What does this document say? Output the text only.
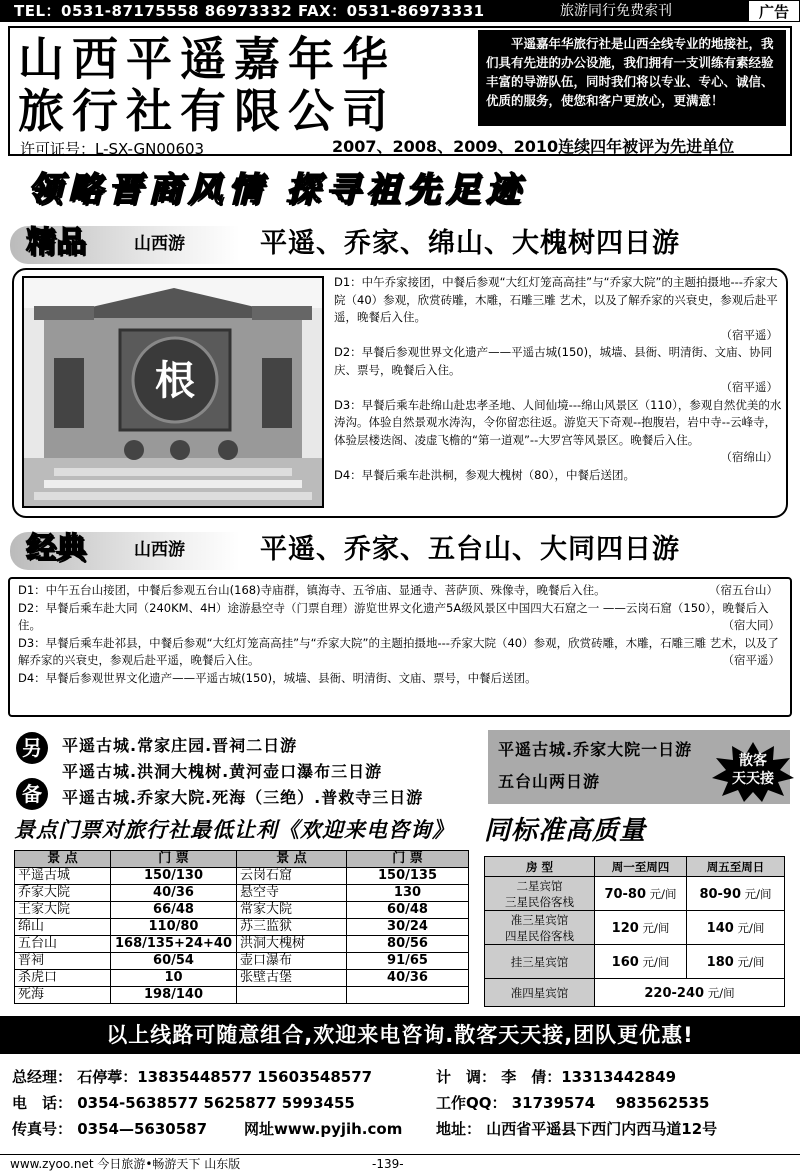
TEL：0531-87175558 86973332 FAX：0531-86973331	旅游同行免费索刊	广告
山西平遥嘉年华
旅行社有限公司
平遥嘉年华旅行社是山西全线专业的地接社，我们具有先进的办公设施，我们拥有一支训练有素经验丰富的导游队伍，同时我们将以专业、专心、诚信、优质的服务，使您和客户更放心，更满意！
许可证号：L-SX-GN00603	2007、2008、2009、2010连续四年被评为先进单位
领略晋商风情 探寻祖先足迹
精品	山西游	平遥、乔家、绵山、大槐树四日游
根
D1：中午乔家接团，中餐后参观“大红灯笼高高挂”与“乔家大院”的主题拍摄地---乔家大院（40）参观，欣赏砖雕，木雕，石雕三雕 艺术，以及了解乔家的兴衰史，参观后赴平遥，晚餐后入住。
（宿平遥）
D2：早餐后参观世界文化遗产——平遥古城(150)，城墙、县衙、明清街、文庙、协同庆、票号，晚餐后入住。
（宿平遥）
D3：早餐后乘车赴绵山赴忠孝圣地、人间仙境---绵山风景区（110），参观自然优美的水涛沟。体验自然景观水涛沟，令你留恋往返。游览天下奇观--抱腹岩，岩中寺--云峰寺，体验层楼迭阁、凌虚飞檐的“第一道观”--大罗宫等风景区。晚餐后入住。
（宿绵山）
D4：早餐后乘车赴洪桐，参观大槐树（80），中餐后送团。
经典	山西游	平遥、乔家、五台山、大同四日游
D1：中午五台山接团，中餐后参观五台山(168)寺庙群，镇海寺、五爷庙、显通寺、菩萨顶、殊像寺，晚餐后入住。	（宿五台山）
D2：早餐后乘车赴大同（240KM、4H）途游悬空寺（门票自理）游览世界文化遗产5A级风景区中国四大石窟之一 ——云岗石窟（150），晚餐后入住。	（宿大同）
D3：早餐后乘车赴祁县，中餐后参观“大红灯笼高高挂”与“乔家大院”的主题拍摄地---乔家大院（40）参观，欣赏砖雕，木雕，石雕三雕 艺术，以及了解乔家的兴衰史，参观后赴平遥，晚餐后入住。	（宿平遥）
D4：早餐后参观世界文化遗产——平遥古城(150)，城墙、县衙、明清街、文庙、票号，中餐后送团。
另
备
平遥古城.常家庄园.晋祠二日游
平遥古城.洪洞大槐树.黄河壶口瀑布三日游
平遥古城.乔家大院.死海（三绝）.普救寺三日游
平遥古城.乔家大院一日游
五台山两日游
散客
天天接
景点门票对旅行社最低让利《欢迎来电咨询》
景 点	门 票	景 点	门 票
平遥古城	150/130	云岗石窟	150/135
乔家大院	40/36	悬空寺	130
王家大院	66/48	常家大院	60/48
绵山	110/80	苏三监狱	30/24
五台山	168/135+24+40	洪洞大槐树	80/56
晋祠	60/54	壶口瀑布	91/65
杀虎口	10	张壁古堡	40/36
死海	198/140		
同标准高质量
房 型	周一至周四	周五至周日

二星宾馆
三星民俗客栈	70-80 元/间	80-90 元/间

准三星宾馆
四星民俗客栈	120 元/间	140 元/间

挂三星宾馆	160 元/间	180 元/间
准四星宾馆	220-240 元/间	
以上线路可随意组合,欢迎来电咨询.散客天天接,团队更优惠!
总经理： 石停葶：13835448577 15603548577	计　调： 李　倩：13313442849
电　话： 0354-5638577 5625877 5993455	工作QQ： 31739574　 983562535
传真号： 0354—5630587 网址www.pyjih.com 地址： 山西省平遥县下西门内西马道12号
www.zyoo.net 今日旅游•畅游天下 山东版	-139-
